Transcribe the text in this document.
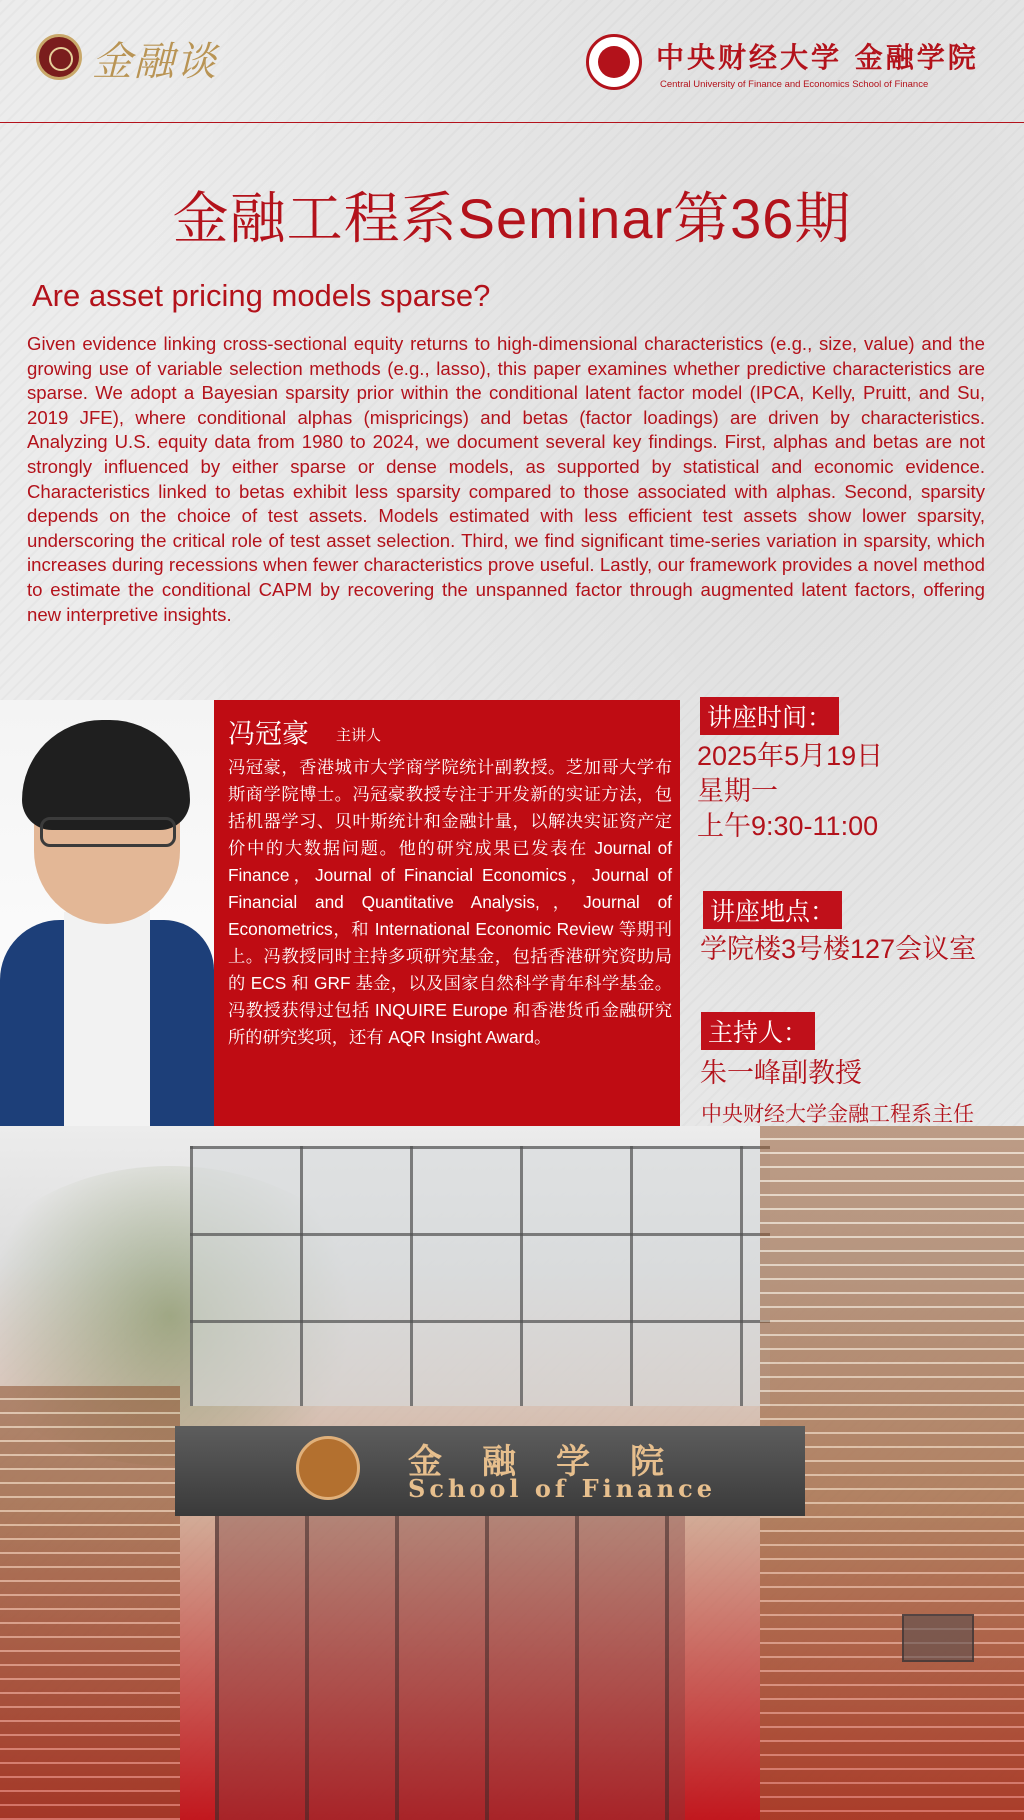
金融谈	中央财经大学 金融学院
Central University of Finance and Economics School of Finance
金融工程系Seminar第36期
Are asset pricing models sparse?
Given evidence linking cross-sectional equity returns to high-dimensional characteristics (e.g., size, value) and the growing use of variable selection methods (e.g., lasso), this paper examines whether predictive characteristics are sparse. We adopt a Bayesian sparsity prior within the conditional latent factor model (IPCA, Kelly, Pruitt, and Su, 2019 JFE), where conditional alphas (mispricings) and betas (factor loadings) are driven by characteristics. Analyzing U.S. equity data from 1980 to 2024, we document several key findings. First, alphas and betas are not strongly influenced by either sparse or dense models, as supported by statistical and economic evidence. Characteristics linked to betas exhibit less sparsity compared to those associated with alphas. Second, sparsity depends on the choice of test assets. Models estimated with less efficient test assets show lower sparsity, underscoring the critical role of test asset selection. Third, we find significant time-series variation in sparsity, which increases during recessions when fewer characteristics prove useful. Lastly, our framework provides a novel method to estimate the conditional CAPM by recovering the unspanned factor through augmented latent factors, offering new interpretive insights.
冯冠豪 主讲人
冯冠豪，香港城市大学商学院统计副教授。芝加哥大学布斯商学院博士。冯冠豪教授专注于开发新的实证方法，包括机器学习、贝叶斯统计和金融计量，以解决实证资产定价中的大数据问题。他的研究成果已发表在 Journal of Finance，Journal of Financial Economics，Journal of Financial and Quantitative Analysis,，Journal of Econometrics，和 International Economic Review 等期刊上。冯教授同时主持多项研究基金，包括香港研究资助局的 ECS 和 GRF 基金，以及国家自然科学青年科学基金。冯教授获得过包括 INQUIRE Europe 和香港货币金融研究所的研究奖项，还有 AQR Insight Award。
讲座时间：
2025年5月19日
星期一
上午9:30-11:00
讲座地点：
学院楼3号楼127会议室
主持人：
朱一峰副教授
中央财经大学金融工程系主任
金融学院
School of Finance
